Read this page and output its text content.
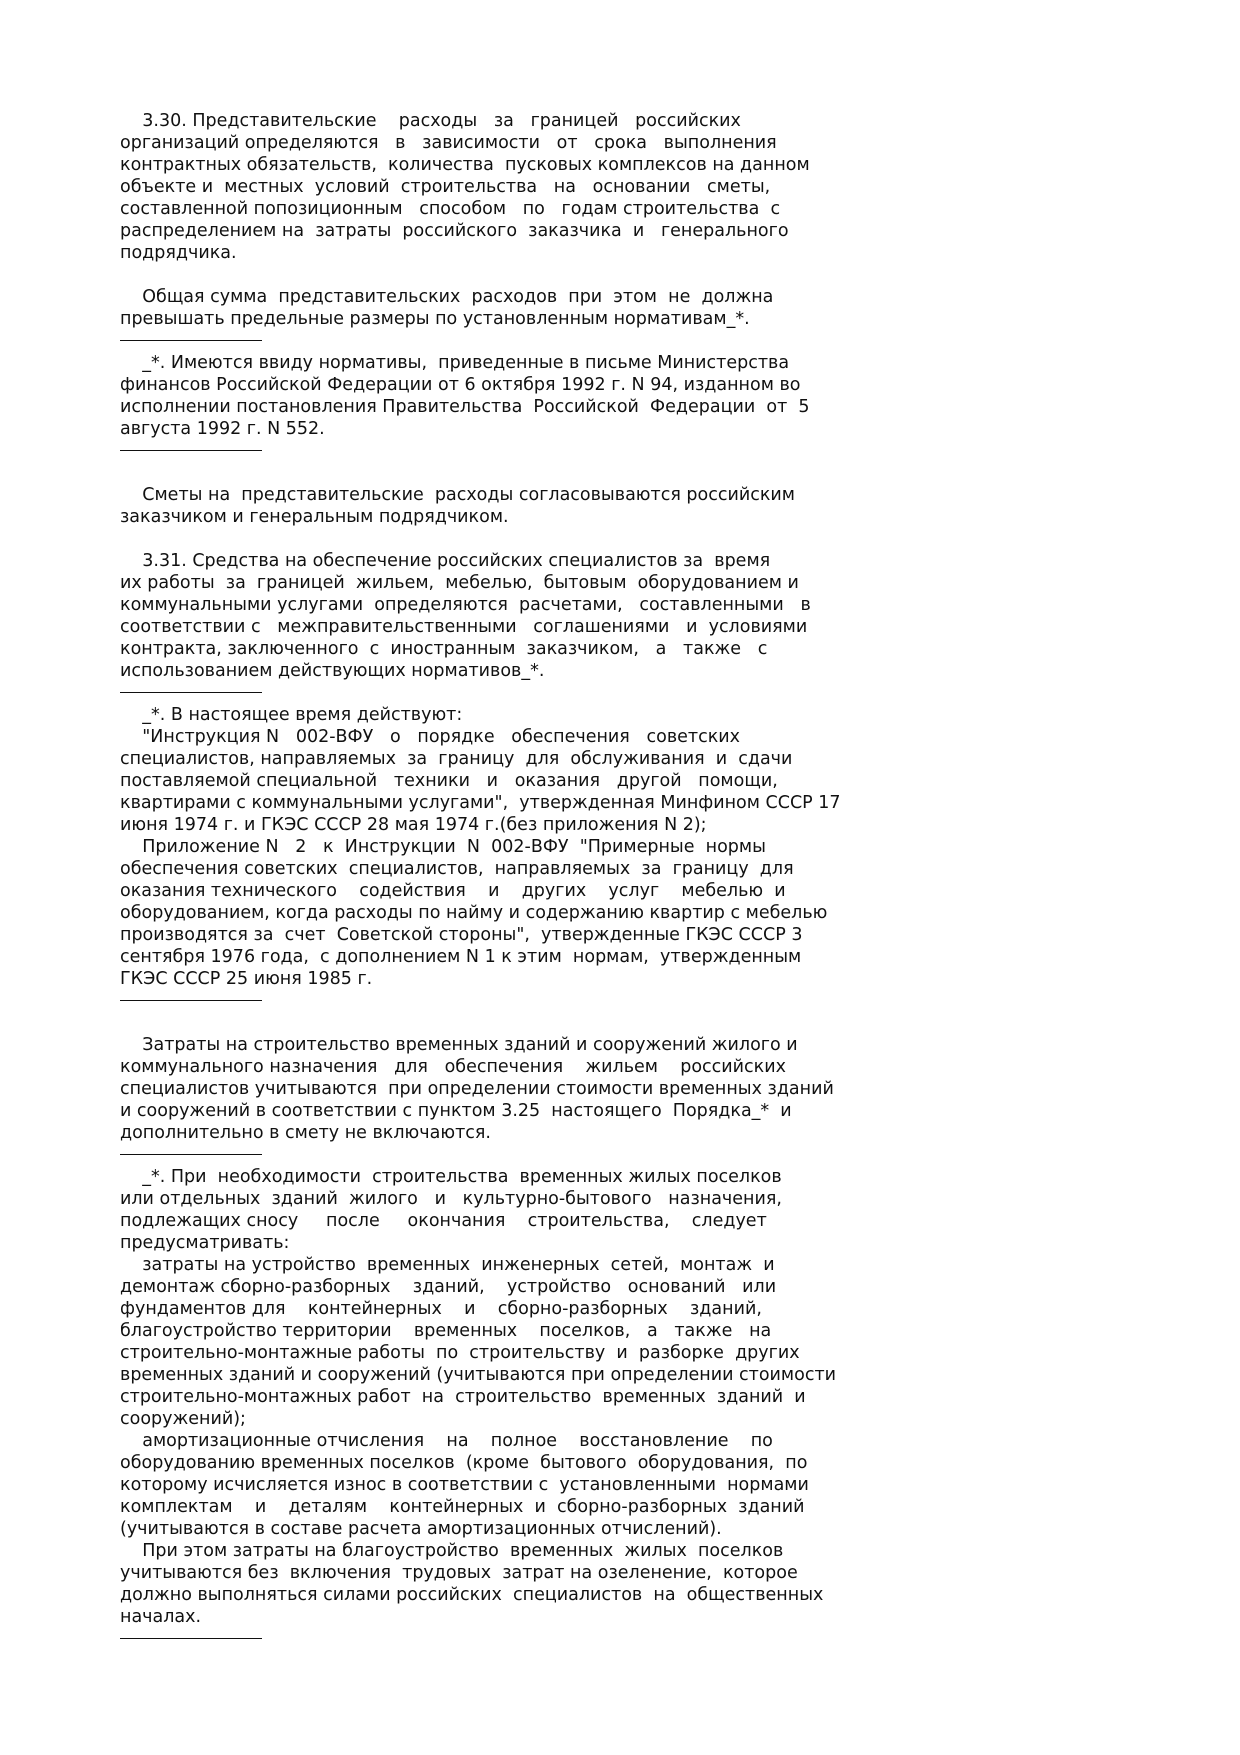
3.30. Представительские    расходы   за   границей   российских
организаций определяются   в   зависимости   от   срока   выполнения
контрактных обязательств,  количества  пусковых комплексов на данном
объекте и  местных  условий  строительства   на   основании   сметы,
составленной попозиционным   способом   по   годам строительства  с
распределением на  затраты  российского  заказчика  и   генерального
подрядчика.
Общая сумма  представительских  расходов  при  этом  не  должна
превышать предельные размеры по установленным нормативам_*.
_*. Имеются ввиду нормативы,  приведенные в письме Министерства
финансов Российской Федерации от 6 октября 1992 г. N 94, изданном во
исполнении постановления Правительства  Российской  Федерации  от  5
августа 1992 г. N 552.
Сметы на  представительские  расходы согласовываются российским
заказчиком и генеральным подрядчиком.
3.31. Средства на обеспечение российских специалистов за  время
их работы  за  границей  жильем,  мебелью,  бытовым  оборудованием и
коммунальными услугами  определяются  расчетами,   составленными   в
соответствии с   межправительственными   соглашениями   и  условиями
контракта, заключенного  с  иностранным  заказчиком,   а   также   с
использованием действующих нормативов_*.
_*. В настоящее время действуют:
"Инструкция N   002-ВФУ   о   порядке   обеспечения   советских
специалистов, направляемых  за  границу  для  обслуживания  и  сдачи
поставляемой специальной   техники   и   оказания   другой   помощи,
квартирами с коммунальными услугами",  утвержденная Минфином СССР 17
июня 1974 г. и ГКЭС СССР 28 мая 1974 г.(без приложения N 2);
Приложение N   2   к  Инструкции  N  002-ВФУ  "Примерные  нормы
обеспечения советских  специалистов,  направляемых  за  границу  для
оказания технического    содействия    и    других    услуг    мебелью  и
оборудованием, когда расходы по найму и содержанию квартир с мебелью
производятся за  счет  Советской стороны",  утвержденные ГКЭС СССР 3
сентября 1976 года,  с дополнением N 1 к этим  нормам,  утвержденным
ГКЭС СССР 25 июня 1985 г.
Затраты на строительство временных зданий и сооружений жилого и
коммунального назначения   для   обеспечения    жильем    российских
специалистов учитываются  при определении стоимости временных зданий
и сооружений в соответствии с пунктом 3.25  настоящего  Порядка_*  и
дополнительно в смету не включаются.
_*. При  необходимости  строительства  временных жилых поселков
или отдельных  зданий  жилого   и   культурно-бытового   назначения,
подлежащих сносу     после     окончания    строительства,    следует
предусматривать:
затраты на устройство  временных  инженерных  сетей,  монтаж  и
демонтаж сборно-разборных    зданий,    устройство   оснований   или
фундаментов для    контейнерных    и    сборно-разборных    зданий,
благоустройство территории    временных    поселков,   а   также   на
строительно-монтажные работы  по  строительству  и  разборке  других
временных зданий и сооружений (учитываются при определении стоимости
строительно-монтажных работ  на  строительство  временных  зданий  и
сооружений);
амортизационные отчисления    на    полное    восстановление    по
оборудованию временных поселков  (кроме  бытового  оборудования,  по
которому исчисляется износ в соответствии с  установленными  нормами
комплектам    и    деталям    контейнерных  и  сборно-разборных  зданий
(учитываются в составе расчета амортизационных отчислений).
При этом затраты на благоустройство  временных  жилых  поселков
учитываются без  включения  трудовых  затрат на озеленение,  которое
должно выполняться силами российских  специалистов  на  общественных
началах.
